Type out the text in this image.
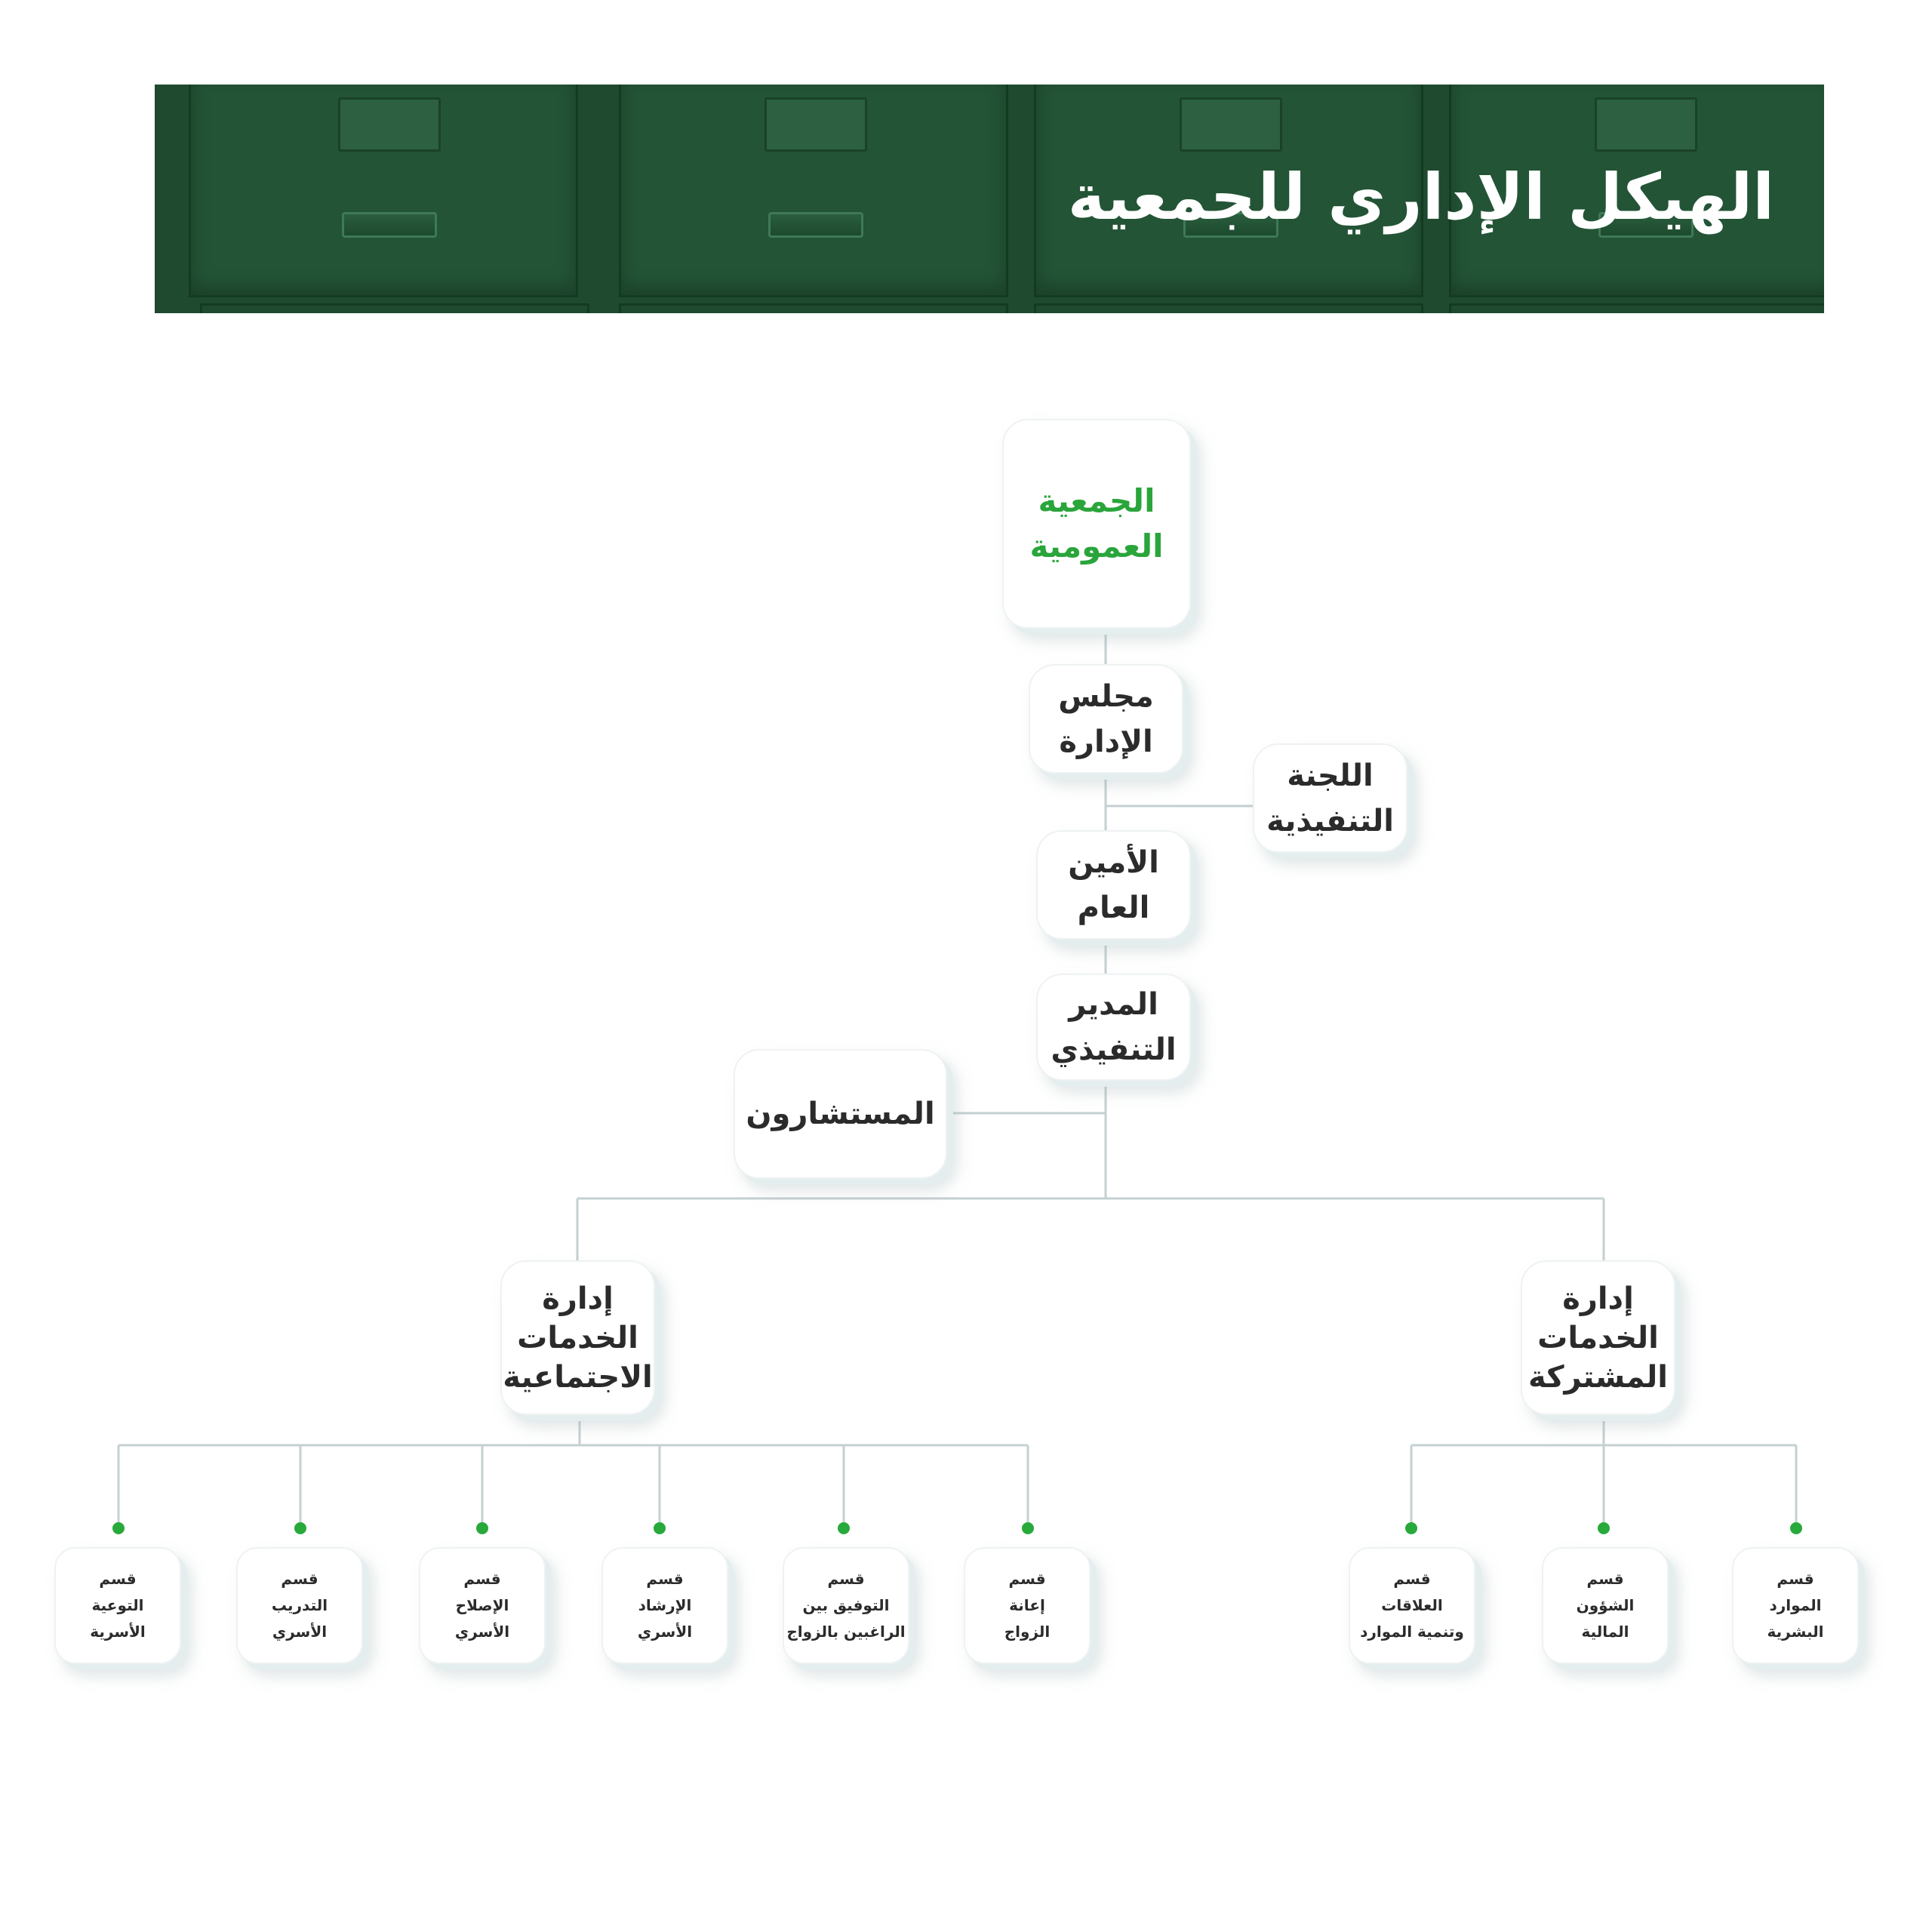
الهيكل الإداري للجمعية
الجمعية
العمومية
مجلس
الإدارة
اللجنة
التنفيذية
الأمين
العام
المدير
التنفيذي
المستشارون
إدارة
الخدمات
الاجتماعية
إدارة
الخدمات
المشتركة
قسم
إعانة
الزواج
قسم
التوفيق بين
الراغبين بالزواج
قسم
الإرشاد
الأسري
قسم
الإصلاح
الأسري
قسم
التدريب
الأسري
قسم
التوعية
الأسرية
قسم
الموارد
البشرية
قسم
الشؤون
المالية
قسم
العلاقات
وتنمية الموارد
